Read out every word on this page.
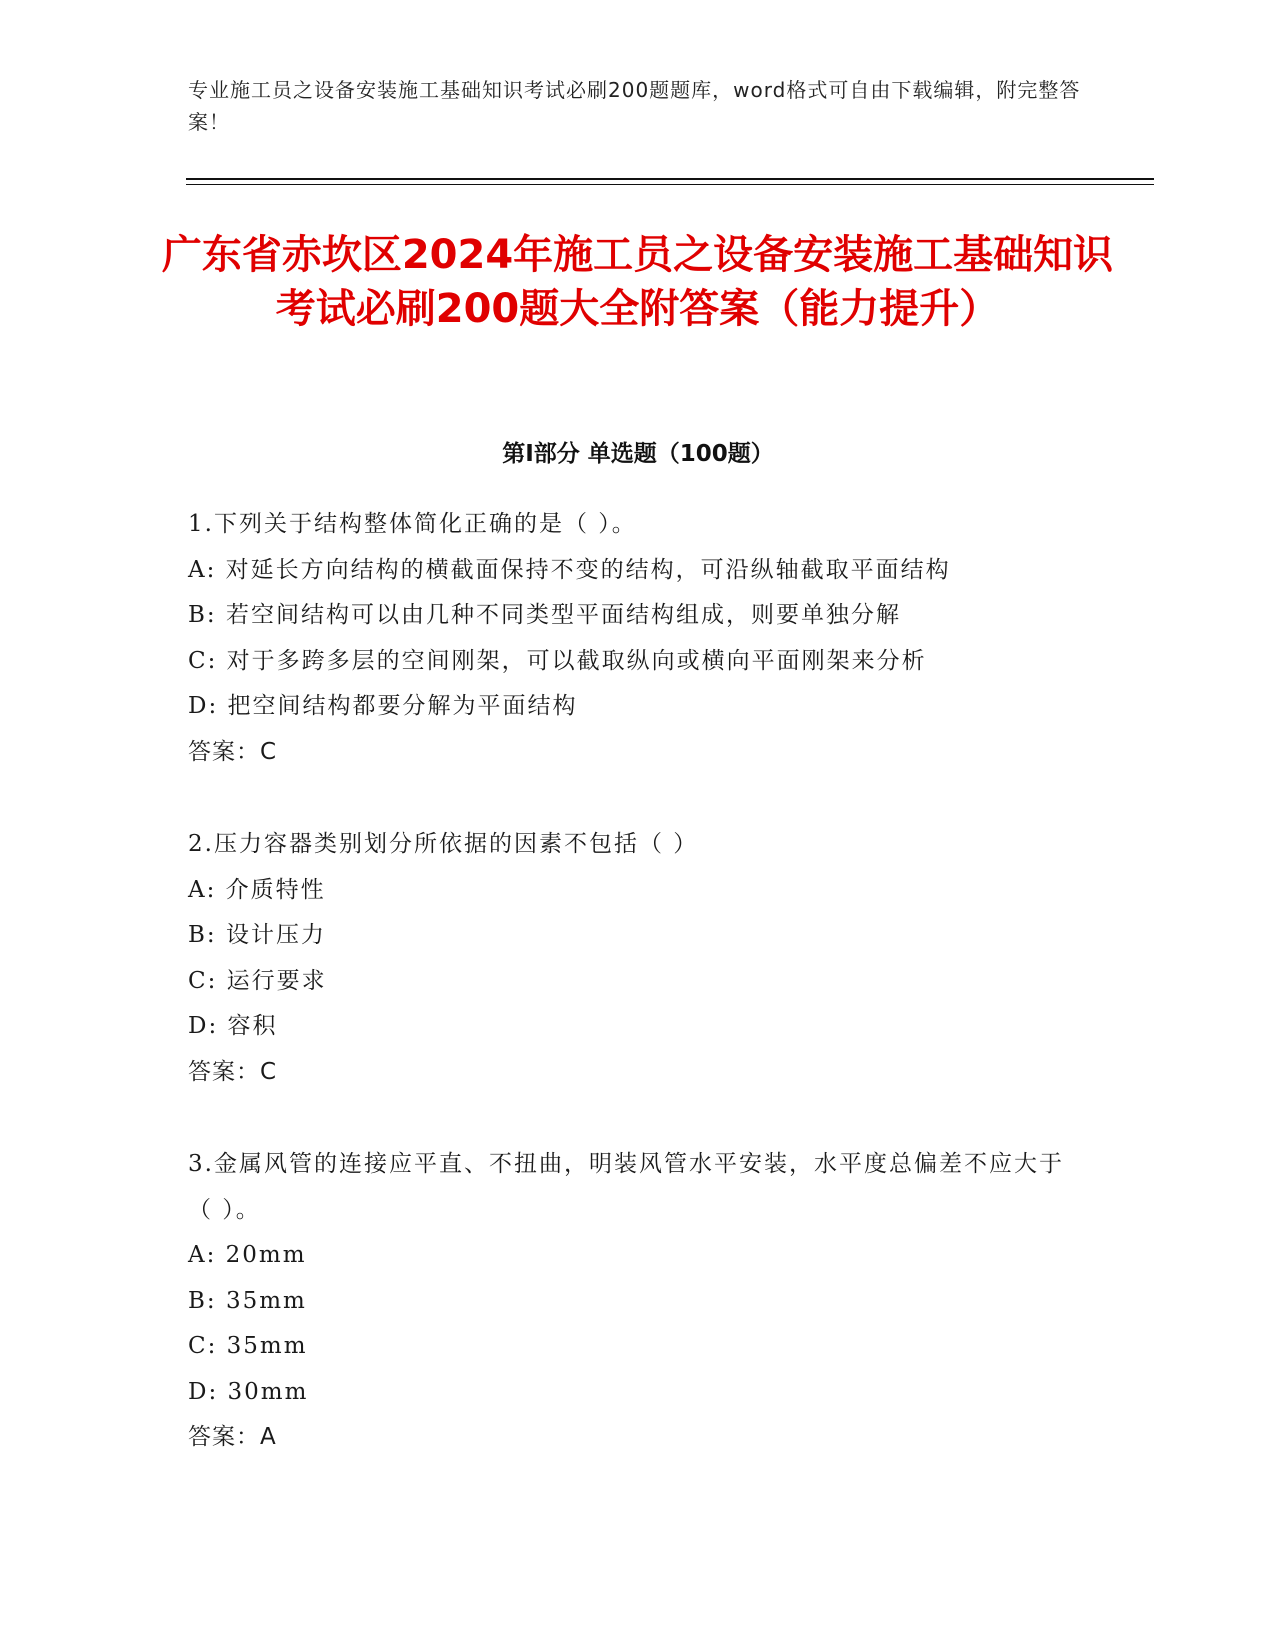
专业施工员之设备安装施工基础知识考试必刷200题题库，word格式可自由下载编辑，附完整答案！
广东省赤坎区2024年施工员之设备安装施工基础知识考试必刷200题大全附答案（能力提升）
第I部分 单选题（100题）
1.下列关于结构整体简化正确的是（ ）。
A: 对延长方向结构的横截面保持不变的结构，可沿纵轴截取平面结构
B: 若空间结构可以由几种不同类型平面结构组成，则要单独分解
C: 对于多跨多层的空间刚架，可以截取纵向或横向平面刚架来分析
D: 把空间结构都要分解为平面结构
答案：C
2.压力容器类别划分所依据的因素不包括（ ）
A: 介质特性
B: 设计压力
C: 运行要求
D: 容积
答案：C
3.金属风管的连接应平直、不扭曲，明装风管水平安装，水平度总偏差不应大于（ ）。
A: 20mm
B: 35mm
C: 35mm
D: 30mm
答案：A
